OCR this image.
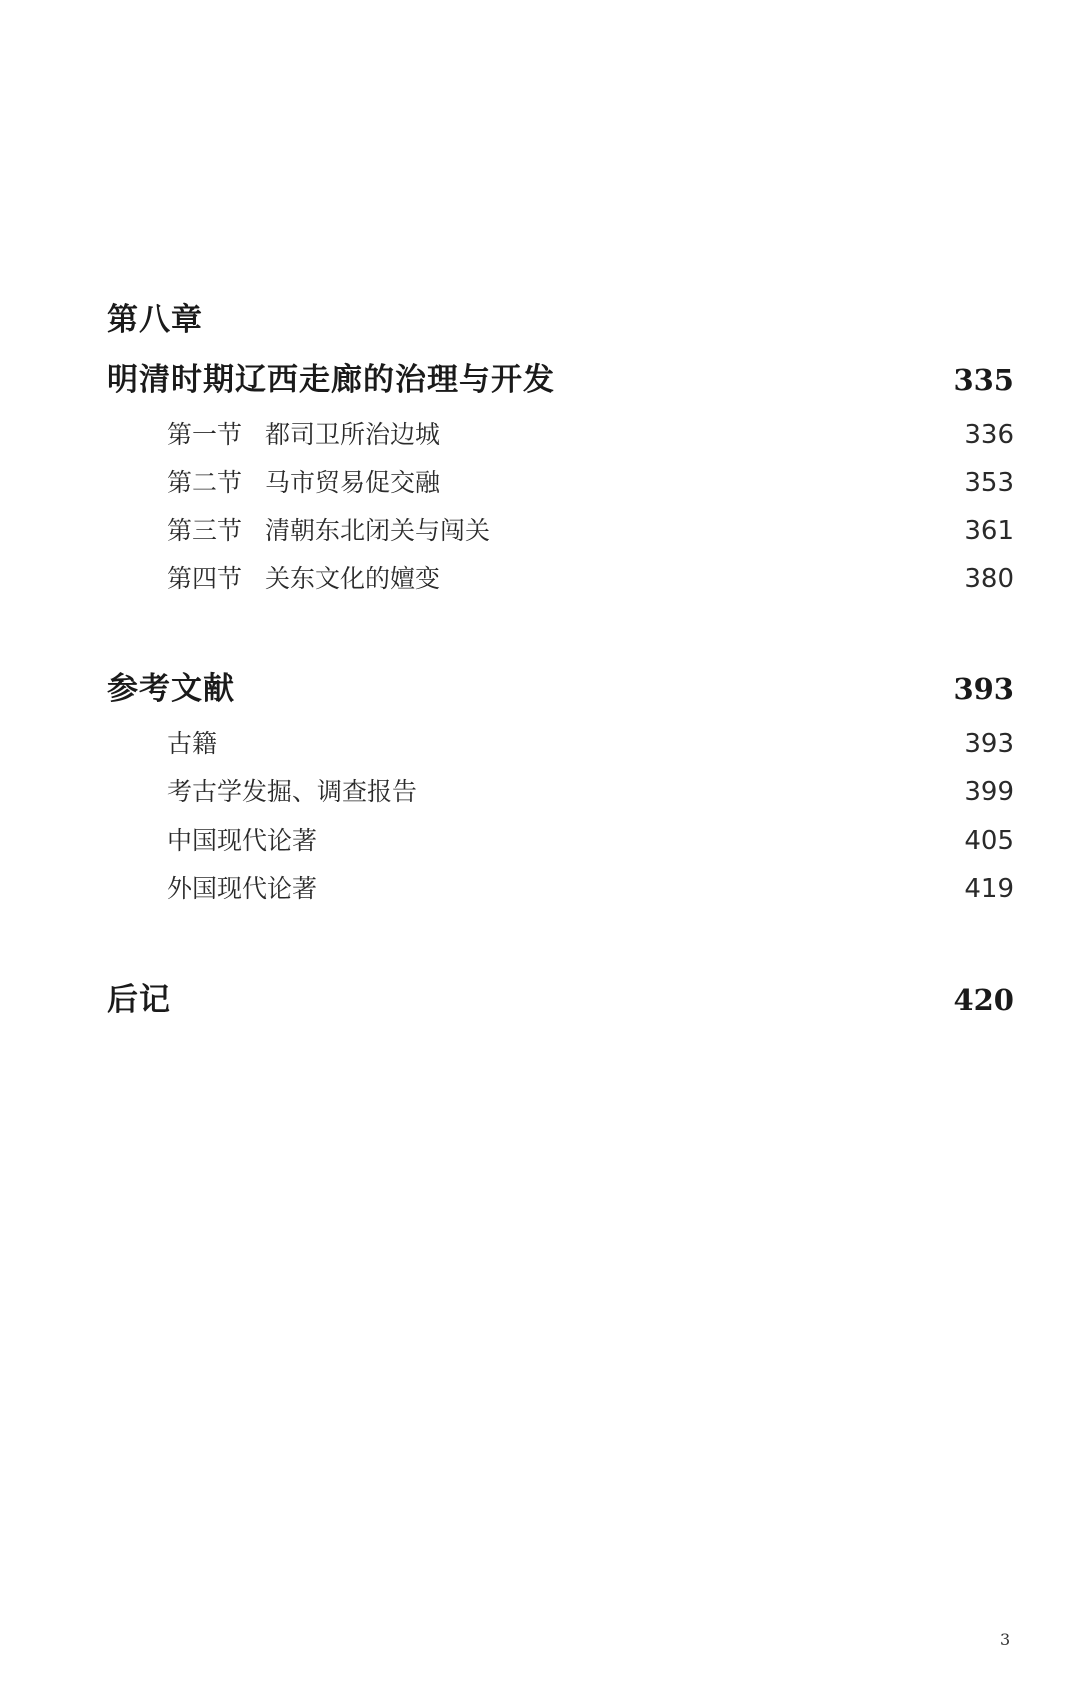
第八章
明清时期辽西走廊的治理与开发	335
第一节 都司卫所治边城	336
第二节 马市贸易促交融	353
第三节 清朝东北闭关与闯关	361
第四节 关东文化的嬗变	380
参考文献	393
古籍	393
考古学发掘、调查报告	399
中国现代论著	405
外国现代论著	419
后记	420
3
